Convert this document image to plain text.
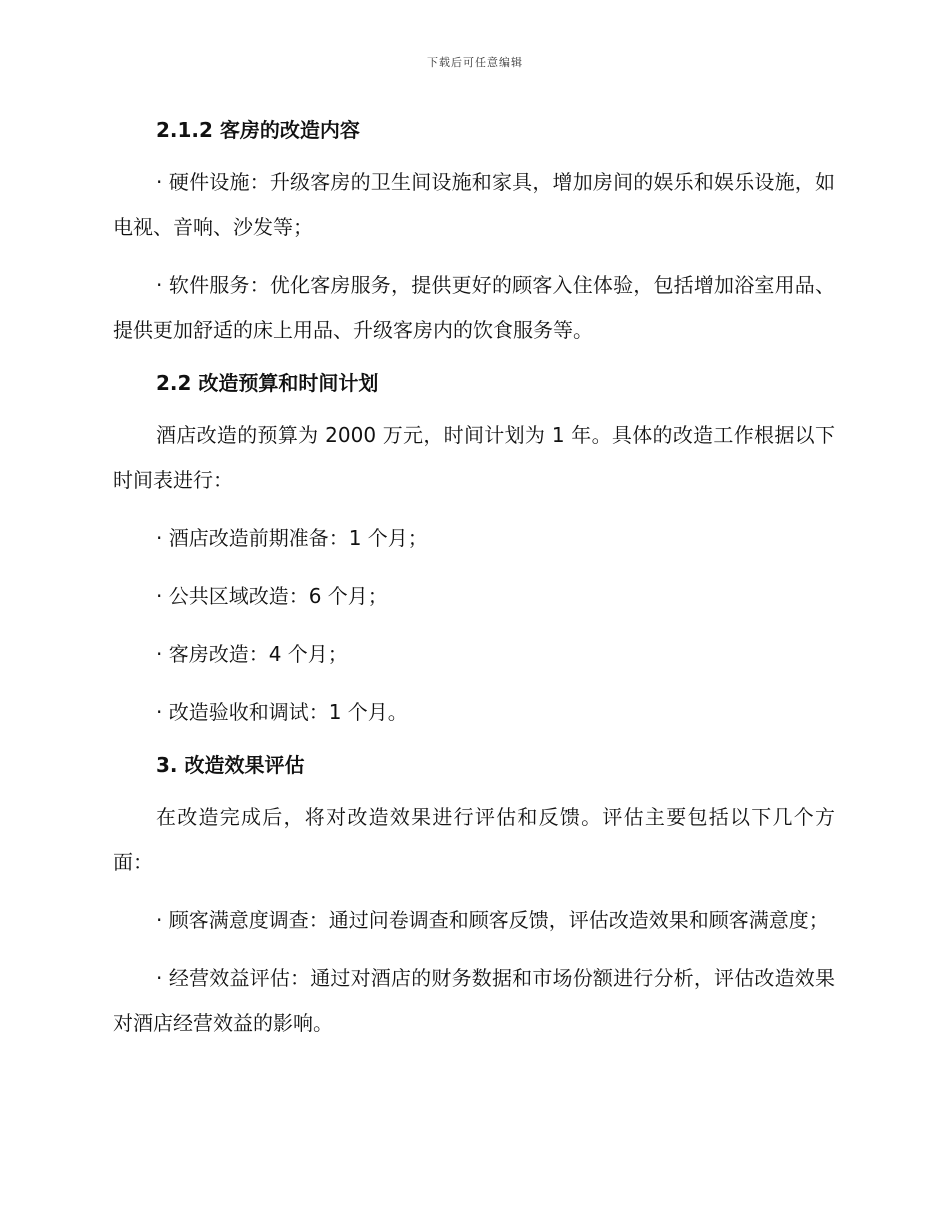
下载后可任意编辑
2.1.2 客房的改造内容

· 硬件设施：升级客房的卫生间设施和家具，增加房间的娱乐和娱乐设施，如电视、音响、沙发等；

· 软件服务：优化客房服务，提供更好的顾客入住体验，包括增加浴室用品、提供更加舒适的床上用品、升级客房内的饮食服务等。

2.2 改造预算和时间计划

酒店改造的预算为 2000 万元，时间计划为 1 年。具体的改造工作根据以下时间表进行：

· 酒店改造前期准备：1 个月；

· 公共区域改造：6 个月；

· 客房改造：4 个月；

· 改造验收和调试：1 个月。

3. 改造效果评估

在改造完成后，将对改造效果进行评估和反馈。评估主要包括以下几个方面：

· 顾客满意度调查：通过问卷调查和顾客反馈，评估改造效果和顾客满意度；

· 经营效益评估：通过对酒店的财务数据和市场份额进行分析，评估改造效果对酒店经营效益的影响。
